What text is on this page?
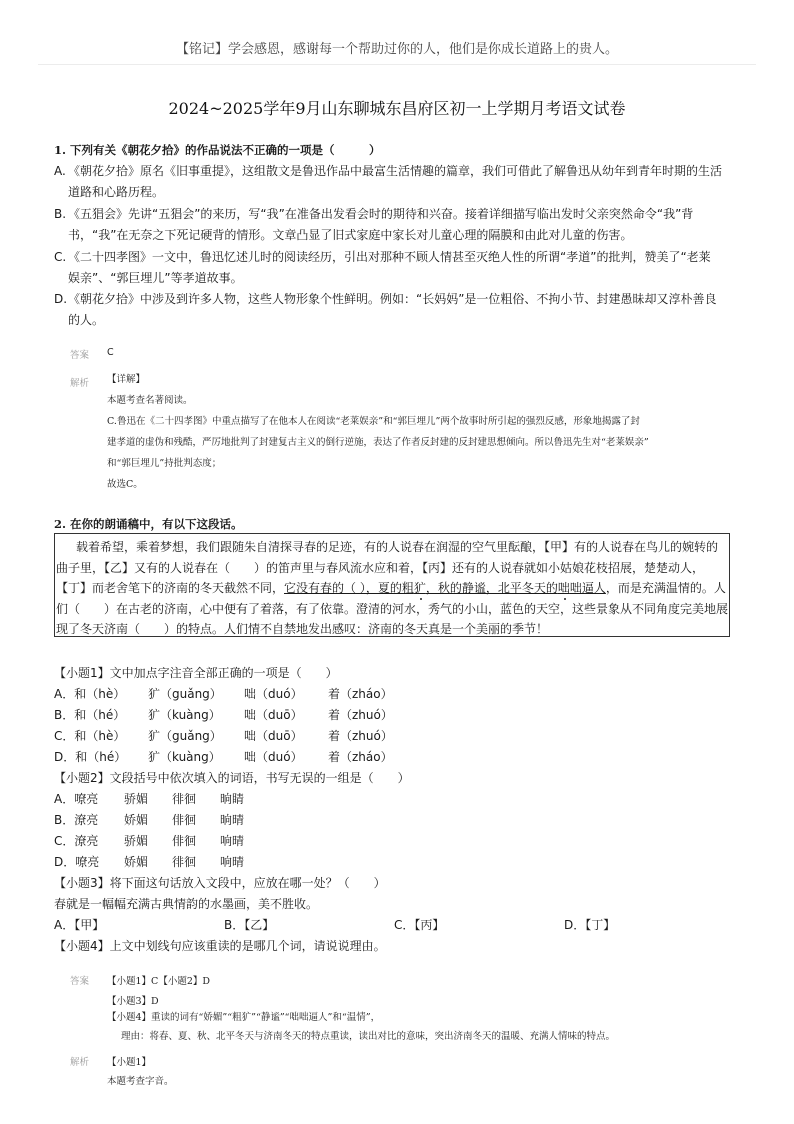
【铭记】学会感恩，感谢每一个帮助过你的人，他们是你成长道路上的贵人。
2024~2025学年9月山东聊城东昌府区初一上学期月考语文试卷
1. 下列有关《朝花夕拾》的作品说法不正确的一项是（　　　）
A. 《朝花夕拾》原名《旧事重提》，这组散文是鲁迅作品中最富生活情趣的篇章，我们可借此了解鲁迅从幼年到青年时期的生活
道路和心路历程。
B. 《五猖会》先讲“五猖会”的来历，写“我”在准备出发看会时的期待和兴奋。接着详细描写临出发时父亲突然命令“我”背
书，“我”在无奈之下死记硬背的情形。文章凸显了旧式家庭中家长对儿童心理的隔膜和由此对儿童的伤害。
C. 《二十四孝图》一文中，鲁迅忆述儿时的阅读经历，引出对那种不顾人情甚至灭绝人性的所谓“孝道”的批判，赞美了“老莱
娱亲”、“郭巨埋儿”等孝道故事。
D.《朝花夕拾》中涉及到许多人物，这些人物形象个性鲜明。例如：“长妈妈”是一位粗俗、不拘小节、封建愚昧却又淳朴善良
的人。
答案 C
解析 【详解】

本题考查名著阅读。

C.鲁迅在《二十四孝图》中重点描写了在他本人在阅读“老莱娱亲”和“郭巨埋儿”两个故事时所引起的强烈反感，形象地揭露了封

建孝道的虚伪和残酷，严厉地批判了封建复古主义的倒行逆施，表达了作者反封建的反封建思想倾向。所以鲁迅先生对“老莱娱亲”

和“郭巨埋儿”持批判态度；

故选C。

2. 在你的朗诵稿中，有以下这段话。
载着希望，乘着梦想，我们跟随朱自清探寻春的足迹，有的人说春在润湿的空气里酝酿，【甲】有的人说春在鸟儿的婉转的
曲子里，【乙】又有的人说春在（　　）的笛声里与春风流水应和着，【丙】还有的人说春就如小姑娘花枝招展，楚楚动人，
【丁】而老舍笔下的济南的冬天截然不同，它没有春的（ ），夏的粗犷，秋的静谧，北平冬天的咄咄逼人，而是充满温情的。人
们（　　）在古老的济南，心中便有了着落，有了依靠。澄清的河水，秀气的小山，蓝色的天空，这些景象从不同角度完美地展
现了冬天济南（　　）的特点。人们情不自禁地发出感叹：济南的冬天真是一个美丽的季节！
【小题1】文中加点字注音全部正确的一项是（　　）
A．和（hè） 犷（guǎng） 咄（duó） 着（zháo）
B．和（hé） 犷（kuàng） 咄（duō） 着（zhuó）
C．和（hè） 犷（guǎng） 咄（duō） 着（zhuó）
D．和（hé） 犷（kuàng） 咄（duó） 着（zháo）
【小题2】文段括号中依次填入的词语，书写无误的一组是（　　）
A．嘹亮 骄媚 徘徊 晌睛
B．潦亮 娇媚 俳徊 晌晴
C．潦亮 骄媚 俳徊 响晴
D．嘹亮 娇媚 徘徊 响晴
【小题3】将下面这句话放入文段中，应放在哪一处？（　　）
春就是一幅幅充满古典情韵的水墨画，美不胜收。
A．【甲】	B．【乙】	C．【丙】	D．【丁】
【小题4】上文中划线句应该重读的是哪几个词，请说说理由。
答案 【小题1】C【小题2】D
【小题3】D
【小题4】重读的词有“娇媚”“粗犷”“静谧”“咄咄逼人”和“温情”，
理由：将春、夏、秋、北平冬天与济南冬天的特点重读，读出对比的意味，突出济南冬天的温暖、充满人情味的特点。
解析 【小题1】
本题考查字音。
